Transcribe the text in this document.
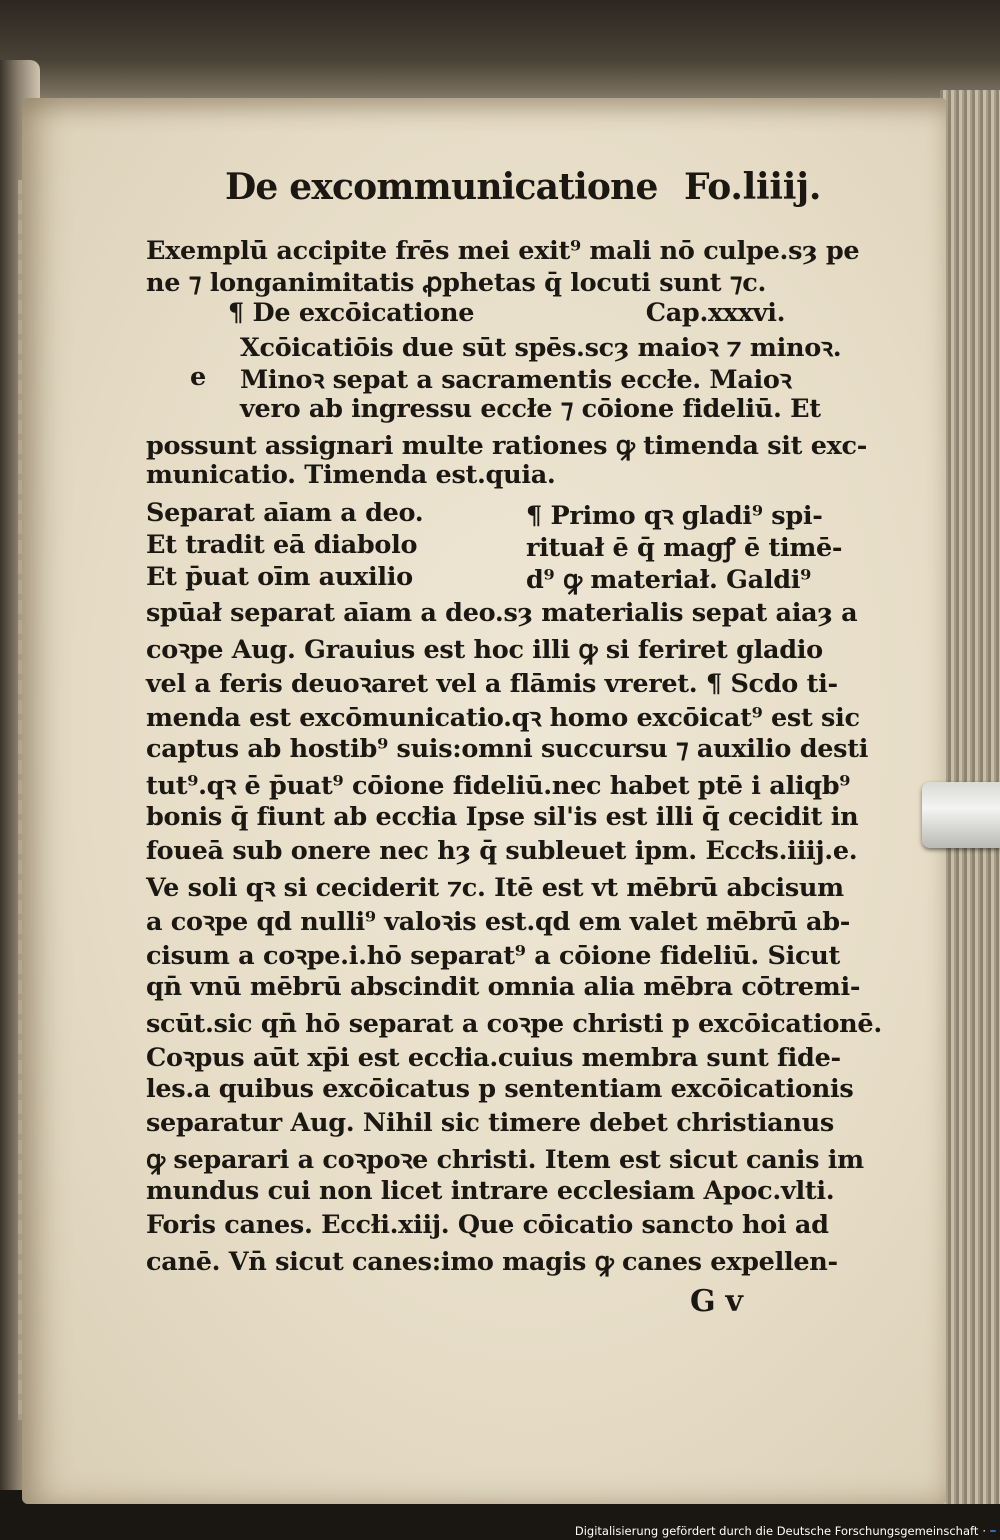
De excommunicatione Fo.liiij.
Exemplū accipite frēs mei exit⁹ mali nō culpe.sȝ pe
ne ⁊ longanimitatis ꝓphetas q̄ locuti sunt ⁊c.
¶ De excōicatione                    Cap.xxxvi.
Xcōicatiōis due sūt spēs.scȝ maioꝛ ⁊ minoꝛ.
e Minoꝛ sepat a sacramentis eccłe. Maioꝛ
vero ab ingressu eccłe ⁊ cōione fideliū. Et
possunt assignari multe rationes ꝙ timenda sit exc-
municatio. Timenda est.quia.
Separat aīam a deo.
Et tradit eā diabolo
Et p̄uat oīm auxilio
¶ Primo qꝛ gladi⁹ spi-
rituał ē q̄ magꝭ ē timē-
d⁹ ꝙ materiał. Galdi⁹
spūał separat aīam a deo.sȝ materialis sepat aiaȝ a
coꝛpe Aug. Grauius est hoc illi ꝙ si feriret gladio
vel a feris deuoꝛaret vel a flāmis vreret. ¶ Scdo ti-
menda est excōmunicatio.qꝛ homo excōicat⁹ est sic
captus ab hostib⁹ suis:omni succursu ⁊ auxilio desti
tut⁹.qꝛ ē p̄uat⁹ cōione fideliū.nec habet ptē i aliqb⁹
bonis q̄ fiunt ab eccłia Ipse sil'is est illi q̄ cecidit in
foueā sub onere nec hȝ q̄ subleuet ipm. Eccłs.iiij.e.
Ve soli qꝛ si ceciderit ⁊c. Itē est vt mēbrū abcisum
a coꝛpe qd nulli⁹ valoꝛis est.qd em valet mēbrū ab-
cisum a coꝛpe.i.hō separat⁹ a cōione fideliū. Sicut
qn̄ vnū mēbrū abscindit omnia alia mēbra cōtremi-
scūt.sic qn̄ hō separat a coꝛpe christi p excōicationē.
Coꝛpus aūt xp̄i est eccłia.cuius membra sunt fide-
les.a quibus excōicatus p sententiam excōicationis
separatur Aug. Nihil sic timere debet christianus
ꝙ separari a coꝛpoꝛe christi. Item est sicut canis im
mundus cui non licet intrare ecclesiam Apoc.vlti.
Foris canes. Eccłi.xiij. Que cōicatio sancto hoi ad
canē. Vn̄ sicut canes:imo magis ꝙ canes expellen-
G v
Digitalisierung gefördert durch die Deutsche Forschungsgemeinschaft ·
